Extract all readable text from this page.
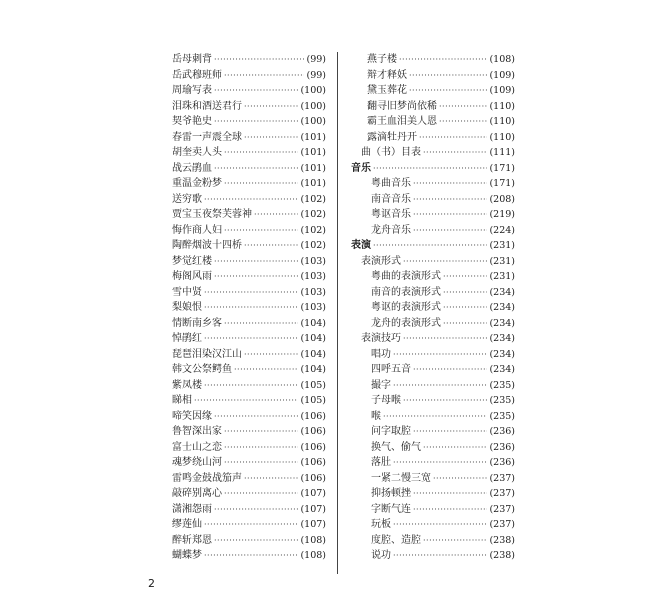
岳母刺背 ·····	(99)
岳武穆班师 ·····	(99)
周瑜写表 ·····	(100)
泪珠和酒送君行 ·····	(100)
契爷艳史 ·····	(100)
春雷一声震全球 ·····	(101)
胡奎卖人头 ·····	(101)
战云鹃血 ·····	(101)
重温金粉梦 ·····	(101)
送穷歌 ·····	(102)
贾宝玉夜祭芙蓉神 ·····	(102)
悔作商人妇 ·····	(102)
陶醉烟波十四桥 ·····	(102)
梦觉红楼 ·····	(103)
梅阁风雨 ·····	(103)
雪中贤 ·····	(103)
梨娘恨 ·····	(103)
情断南乡客 ·····	(104)
悼鹃红 ·····	(104)
琵琶泪染汉江山 ·····	(104)
韩文公祭鳄鱼 ·····	(104)
紫凤楼 ·····	(105)
睇相 ·····	(105)
啼笑因缘 ·····	(106)
鲁智深出家 ·····	(106)
富士山之恋 ·····	(106)
魂梦绕山河 ·····	(106)
雷鸣金鼓战笳声 ·····	(106)
敲碎别离心 ·····	(107)
潇湘怨雨 ·····	(107)
缪莲仙 ·····	(107)
醉斩郑恩 ·····	(108)
蝴蝶梦 ·····	(108)
燕子楼 ·····	(108)
辩才释妖 ·····	(109)
黛玉葬花 ·····	(109)
翻寻旧梦尚依稀 ·····	(110)
霸王血泪美人恩 ·····	(110)
露滴牡丹开 ·····	(110)
曲（书）目表 ·····	(111)
音乐 ·····	(171)
粤曲音乐 ·····	(171)
南音音乐 ·····	(208)
粤讴音乐 ·····	(219)
龙舟音乐 ·····	(224)
表演 ·····	(231)
表演形式 ·····	(231)
粤曲的表演形式 ·····	(231)
南音的表演形式 ·····	(234)
粤讴的表演形式 ·····	(234)
龙舟的表演形式 ·····	(234)
表演技巧 ·····	(234)
唱功 ·····	(234)
四呼五音 ·····	(234)
撮字 ·····	(235)
子母喉 ·····	(235)
喉 ·····	(235)
问字取腔 ·····	(236)
换气、偷气 ·····	(236)
落肚 ·····	(236)
一紧二慢三宽 ·····	(237)
抑扬顿挫 ·····	(237)
字断气连 ·····	(237)
玩板 ·····	(237)
度腔、造腔 ·····	(238)
说功 ·····	(238)
2
